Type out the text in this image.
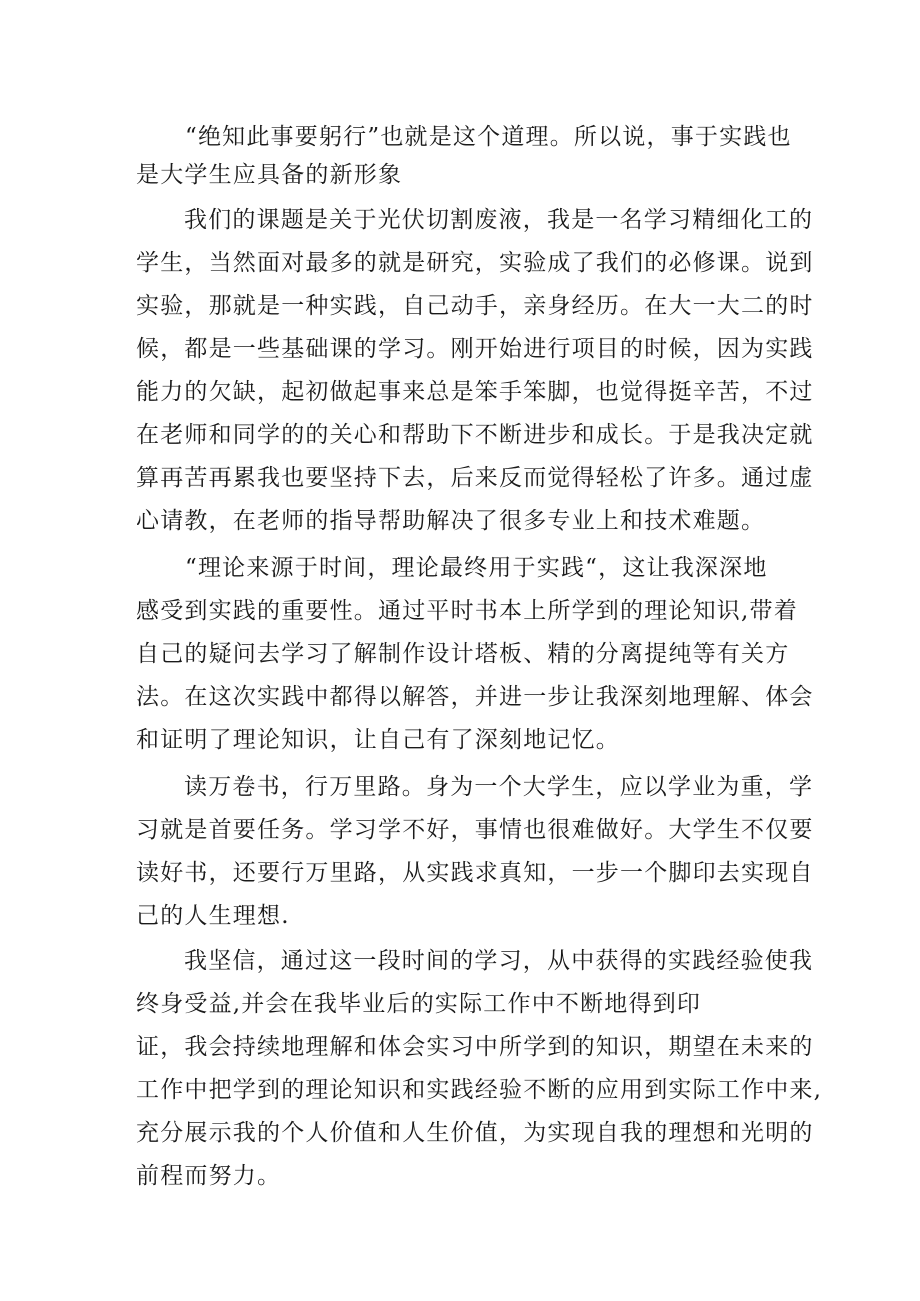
“绝知此事要躬行”也就是这个道理。所以说，事于实践也
是大学生应具备的新形象
我们的课题是关于光伏切割废液，我是一名学习精细化工的
学生，当然面对最多的就是研究，实验成了我们的必修课。说到
实验，那就是一种实践，自己动手，亲身经历。在大一大二的时
候，都是一些基础课的学习。刚开始进行项目的时候，因为实践
能力的欠缺，起初做起事来总是笨手笨脚，也觉得挺辛苦，不过
在老师和同学的的关心和帮助下不断进步和成长。于是我决定就
算再苦再累我也要坚持下去，后来反而觉得轻松了许多。通过虚
心请教，在老师的指导帮助解决了很多专业上和技术难题。
“理论来源于时间，理论最终用于实践“，这让我深深地
感受到实践的重要性。通过平时书本上所学到的理论知识,带着
自己的疑问去学习了解制作设计塔板、精的分离提纯等有关方
法。在这次实践中都得以解答，并进一步让我深刻地理解、体会
和证明了理论知识，让自己有了深刻地记忆。
读万卷书，行万里路。身为一个大学生，应以学业为重，学
习就是首要任务。学习学不好，事情也很难做好。大学生不仅要
读好书，还要行万里路，从实践求真知，一步一个脚印去实现自
己的人生理想.
我坚信，通过这一段时间的学习，从中获得的实践经验使我
终身受益,并会在我毕业后的实际工作中不断地得到印
证，我会持续地理解和体会实习中所学到的知识，期望在未来的
工作中把学到的理论知识和实践经验不断的应用到实际工作中来,
充分展示我的个人价值和人生价值，为实现自我的理想和光明的
前程而努力。
